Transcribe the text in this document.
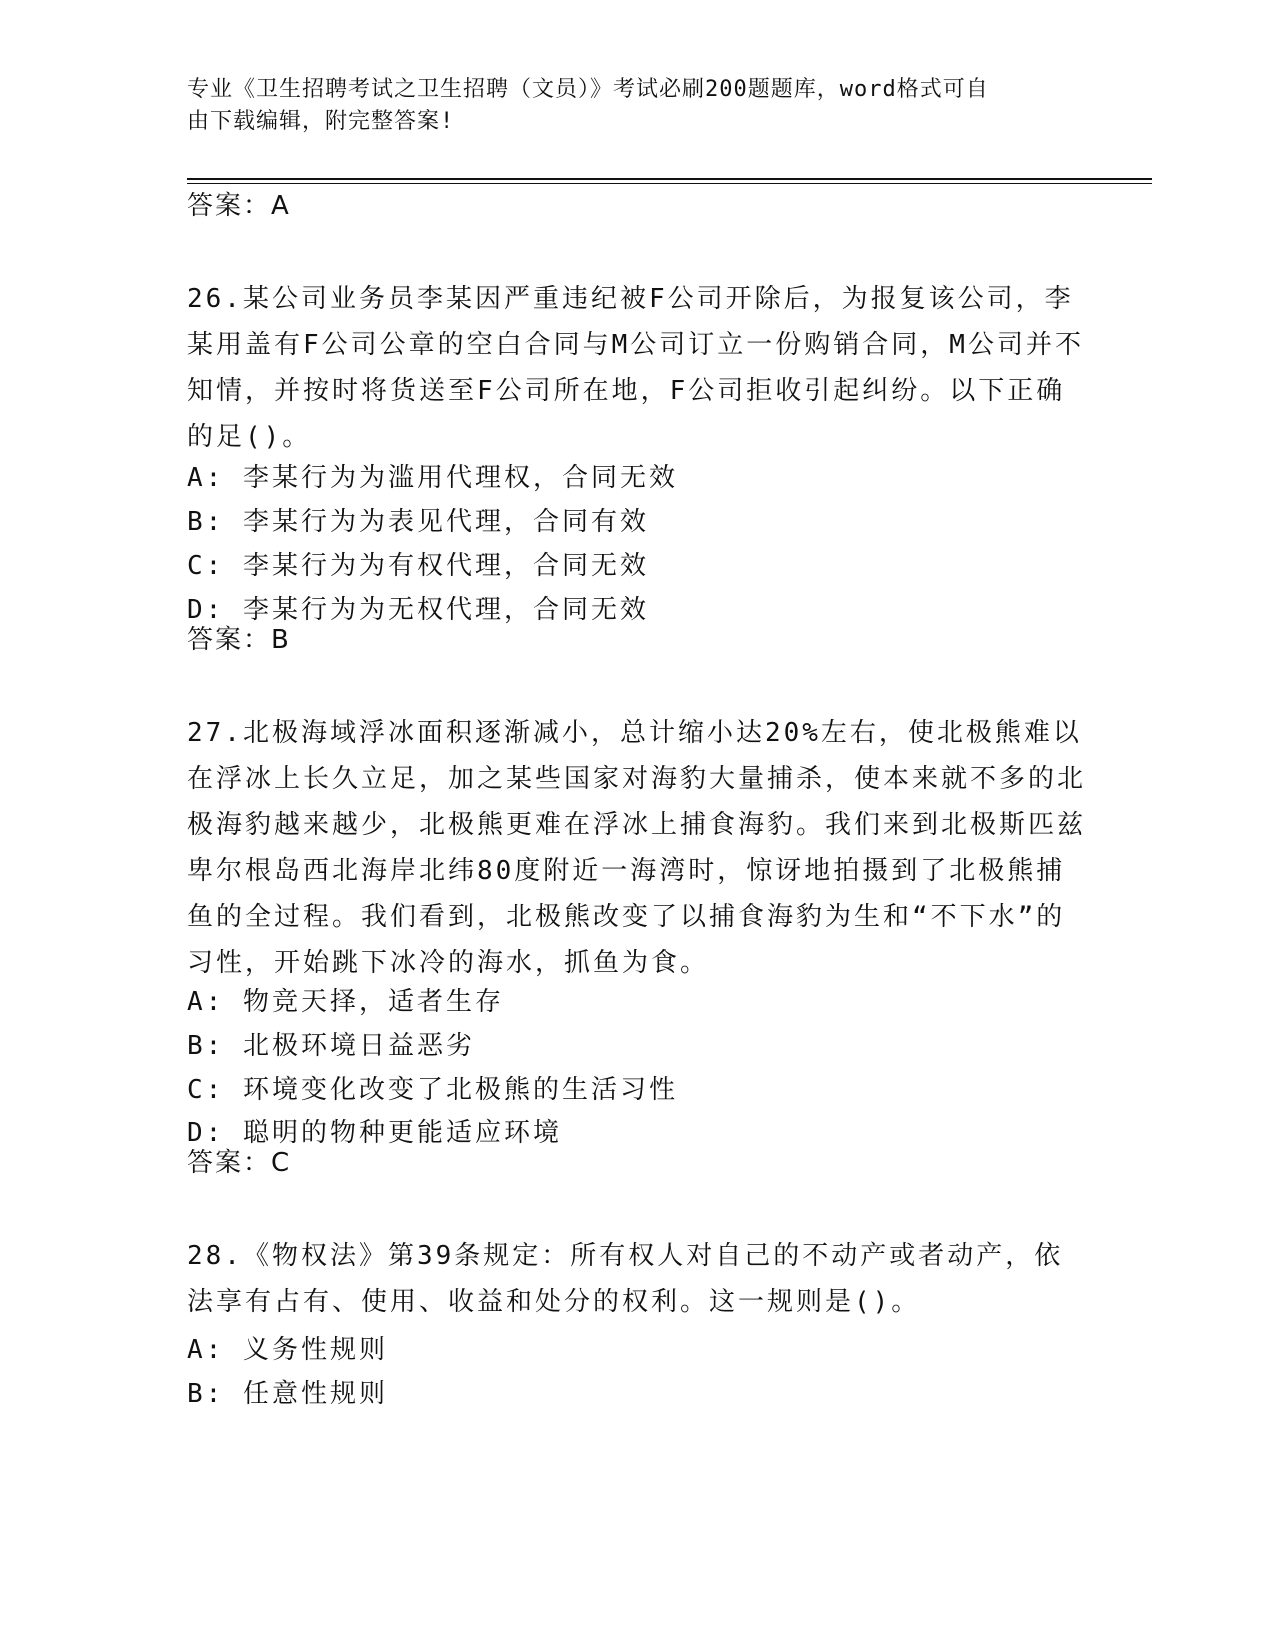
专业《卫生招聘考试之卫生招聘（文员）》考试必刷200题题库，word格式可自
由下载编辑，附完整答案!
答案：A
26.某公司业务员李某因严重违纪被F公司开除后，为报复该公司，李某用盖有F公司公章的空白合同与M公司订立一份购销合同，M公司并不知情，并按时将货送至F公司所在地，F公司拒收引起纠纷。以下正确的足()。
A: 李某行为为滥用代理权，合同无效
B: 李某行为为表见代理，合同有效
C: 李某行为为有权代理，合同无效
D: 李某行为为无权代理，合同无效
答案：B
27.北极海域浮冰面积逐渐减小，总计缩小达20%左右，使北极熊难以在浮冰上长久立足，加之某些国家对海豹大量捕杀，使本来就不多的北极海豹越来越少，北极熊更难在浮冰上捕食海豹。我们来到北极斯匹兹卑尔根岛西北海岸北纬80度附近一海湾时，惊讶地拍摄到了北极熊捕鱼的全过程。我们看到，北极熊改变了以捕食海豹为生和“不下水”的习性，开始跳下冰冷的海水，抓鱼为食。
A: 物竞天择，适者生存
B: 北极环境日益恶劣
C: 环境变化改变了北极熊的生活习性
D: 聪明的物种更能适应环境
答案：C
28.《物权法》第39条规定：所有权人对自己的不动产或者动产，依法享有占有、使用、收益和处分的权利。这一规则是()。
A: 义务性规则
B: 任意性规则
